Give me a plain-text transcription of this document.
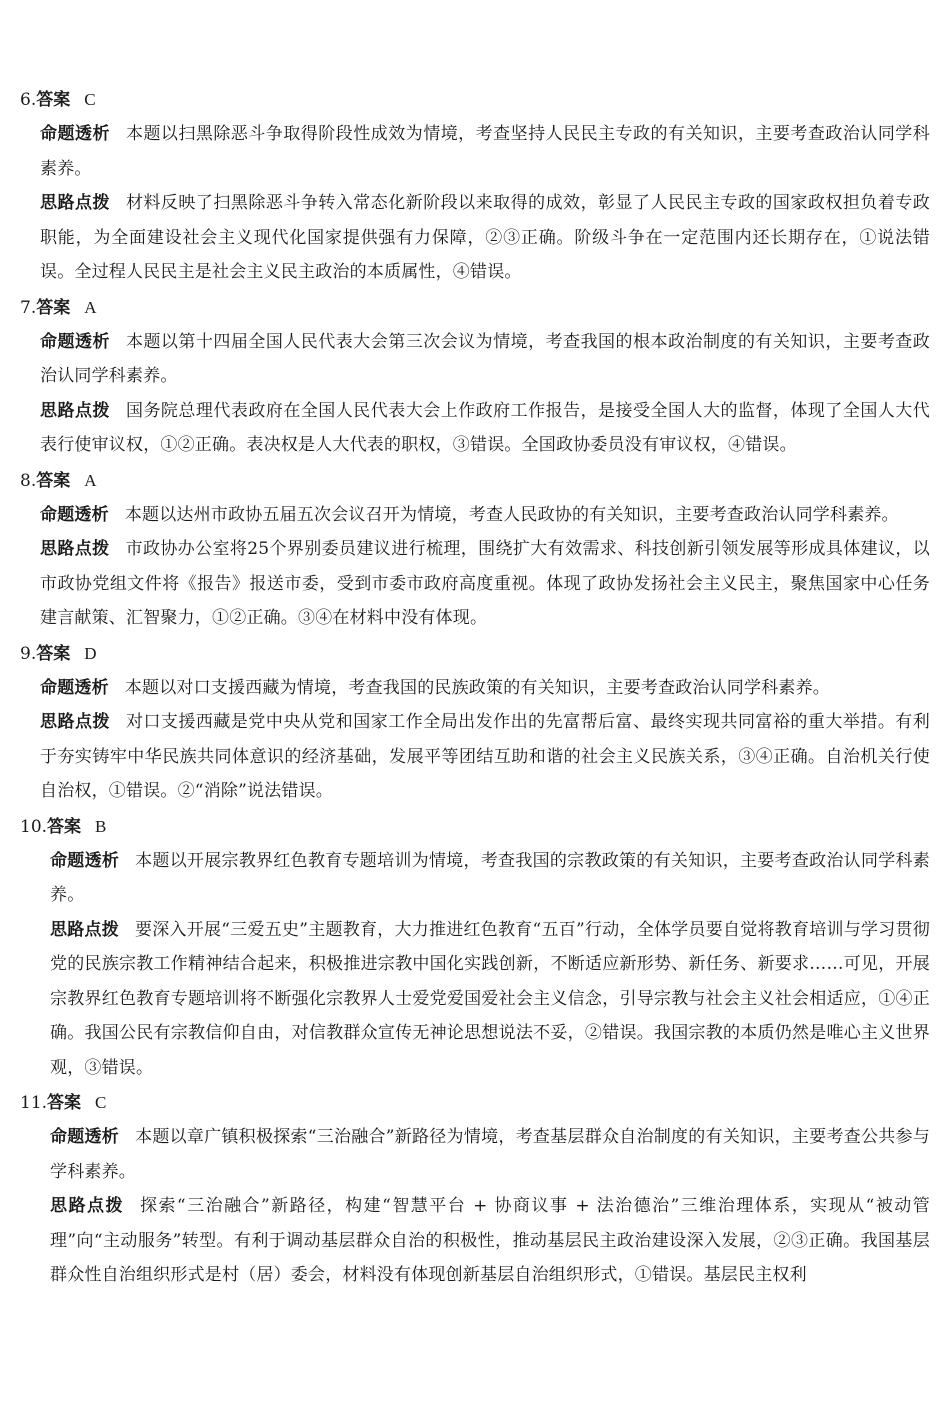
6.答案 C
命题透析 本题以扫黑除恶斗争取得阶段性成效为情境，考查坚持人民民主专政的有关知识，主要考查政治认同学科素养。
思路点拨 材料反映了扫黑除恶斗争转入常态化新阶段以来取得的成效，彰显了人民民主专政的国家政权担负着专政职能，为全面建设社会主义现代化国家提供强有力保障，②③正确。阶级斗争在一定范围内还长期存在，①说法错误。全过程人民民主是社会主义民主政治的本质属性，④错误。
7.答案 A
命题透析 本题以第十四届全国人民代表大会第三次会议为情境，考查我国的根本政治制度的有关知识，主要考查政治认同学科素养。
思路点拨 国务院总理代表政府在全国人民代表大会上作政府工作报告，是接受全国人大的监督，体现了全国人大代表行使审议权，①②正确。表决权是人大代表的职权，③错误。全国政协委员没有审议权，④错误。
8.答案 A
命题透析 本题以达州市政协五届五次会议召开为情境，考查人民政协的有关知识，主要考查政治认同学科素养。
思路点拨 市政协办公室将25个界别委员建议进行梳理，围绕扩大有效需求、科技创新引领发展等形成具体建议，以市政协党组文件将《报告》报送市委，受到市委市政府高度重视。体现了政协发扬社会主义民主，聚焦国家中心任务建言献策、汇智聚力，①②正确。③④在材料中没有体现。
9.答案 D
命题透析 本题以对口支援西藏为情境，考查我国的民族政策的有关知识，主要考查政治认同学科素养。
思路点拨 对口支援西藏是党中央从党和国家工作全局出发作出的先富帮后富、最终实现共同富裕的重大举措。有利于夯实铸牢中华民族共同体意识的经济基础，发展平等团结互助和谐的社会主义民族关系，③④正确。自治机关行使自治权，①错误。②“消除”说法错误。
10.答案 B
命题透析 本题以开展宗教界红色教育专题培训为情境，考查我国的宗教政策的有关知识，主要考查政治认同学科素养。
思路点拨 要深入开展“三爱五史”主题教育，大力推进红色教育“五百”行动，全体学员要自觉将教育培训与学习贯彻党的民族宗教工作精神结合起来，积极推进宗教中国化实践创新，不断适应新形势、新任务、新要求……可见，开展宗教界红色教育专题培训将不断强化宗教界人士爱党爱国爱社会主义信念，引导宗教与社会主义社会相适应，①④正确。我国公民有宗教信仰自由，对信教群众宣传无神论思想说法不妥，②错误。我国宗教的本质仍然是唯心主义世界观，③错误。
11.答案 C
命题透析 本题以章广镇积极探索“三治融合”新路径为情境，考查基层群众自治制度的有关知识，主要考查公共参与学科素养。
思路点拨 探索“三治融合”新路径，构建“智慧平台 + 协商议事 + 法治德治”三维治理体系，实现从“被动管理”向“主动服务”转型。有利于调动基层群众自治的积极性，推动基层民主政治建设深入发展，②③正确。我国基层群众性自治组织形式是村（居）委会，材料没有体现创新基层自治组织形式，①错误。基层民主权利
